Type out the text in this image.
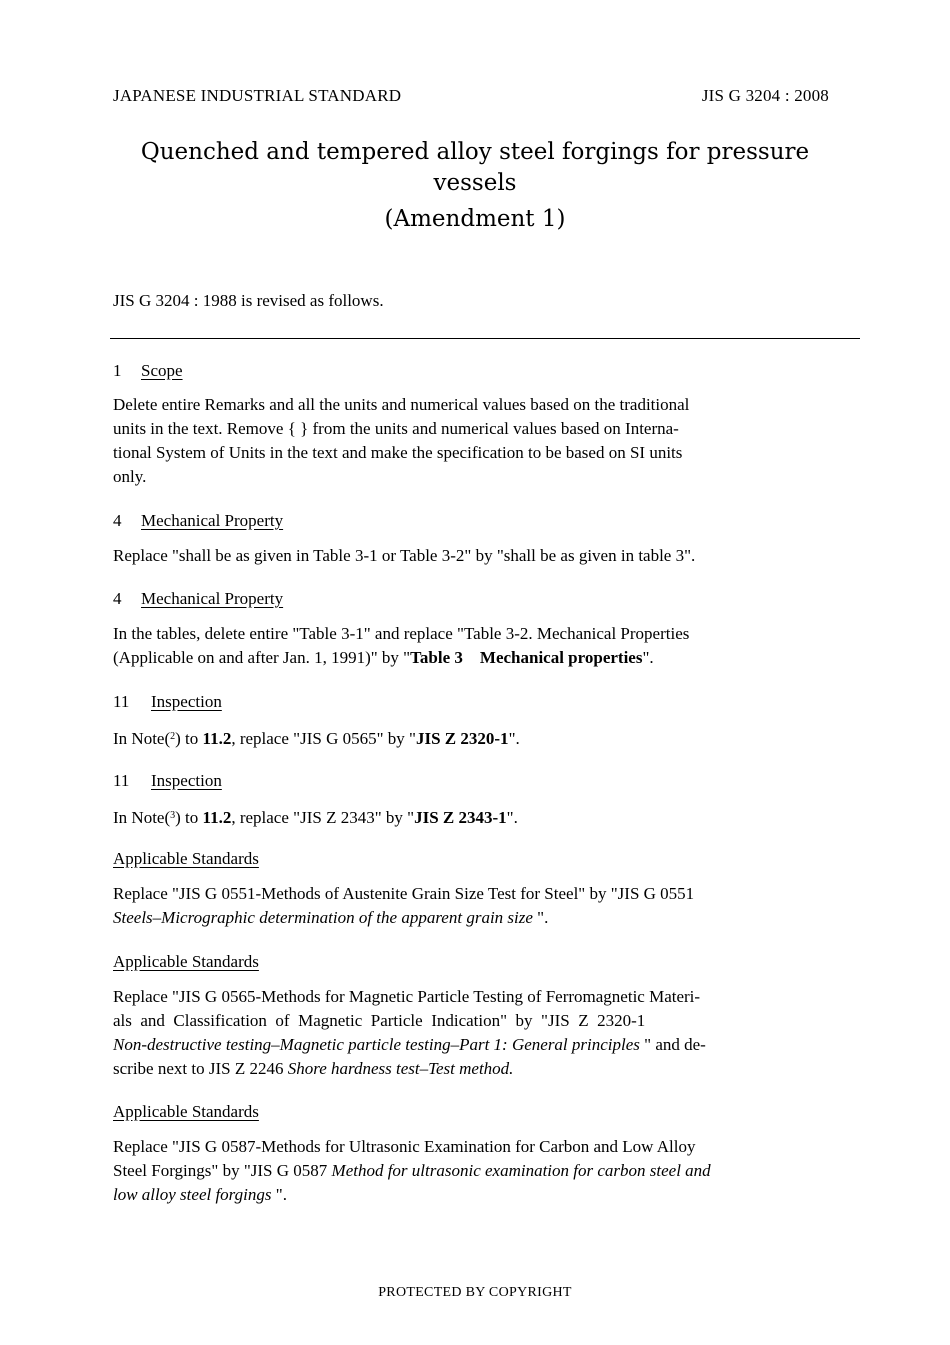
JAPANESE INDUSTRIAL STANDARD	JIS G 3204 : 2008
Quenched and tempered alloy steel forgings for pressure
vessels
(Amendment 1)
JIS G 3204 : 1988 is revised as follows.
1 Scope
Delete entire Remarks and all the units and numerical values based on the traditional
units in the text. Remove { } from the units and numerical values based on Interna-
tional System of Units in the text and make the specification to be based on SI units
only.
4 Mechanical Property
Replace "shall be as given in Table 3-1 or Table 3-2" by "shall be as given in table 3".
4 Mechanical Property
In the tables, delete entire "Table 3-1" and replace "Table 3-2. Mechanical Properties
(Applicable on and after Jan. 1, 1991)" by "Table 3    Mechanical properties".
11 Inspection
In Note($^2$) to 11.2, replace "JIS G 0565" by "JIS Z 2320-1".
11 Inspection
In Note($^3$) to 11.2, replace "JIS Z 2343" by "JIS Z 2343-1".
Applicable Standards
Replace "JIS G 0551-Methods of Austenite Grain Size Test for Steel" by "JIS G 0551
Steels–Micrographic determination of the apparent grain size ".
Applicable Standards
Replace "JIS G 0565-Methods for Magnetic Particle Testing of Ferromagnetic Materi-
als  and  Classification  of  Magnetic  Particle  Indication"  by  "JIS  Z  2320-1
Non-destructive testing–Magnetic particle testing–Part 1: General principles " and de-
scribe next to JIS Z 2246 Shore hardness test–Test method.
Applicable Standards
Replace "JIS G 0587-Methods for Ultrasonic Examination for Carbon and Low Alloy
Steel Forgings" by "JIS G 0587 Method for ultrasonic examination for carbon steel and
low alloy steel forgings ".
PROTECTED BY COPYRIGHT
